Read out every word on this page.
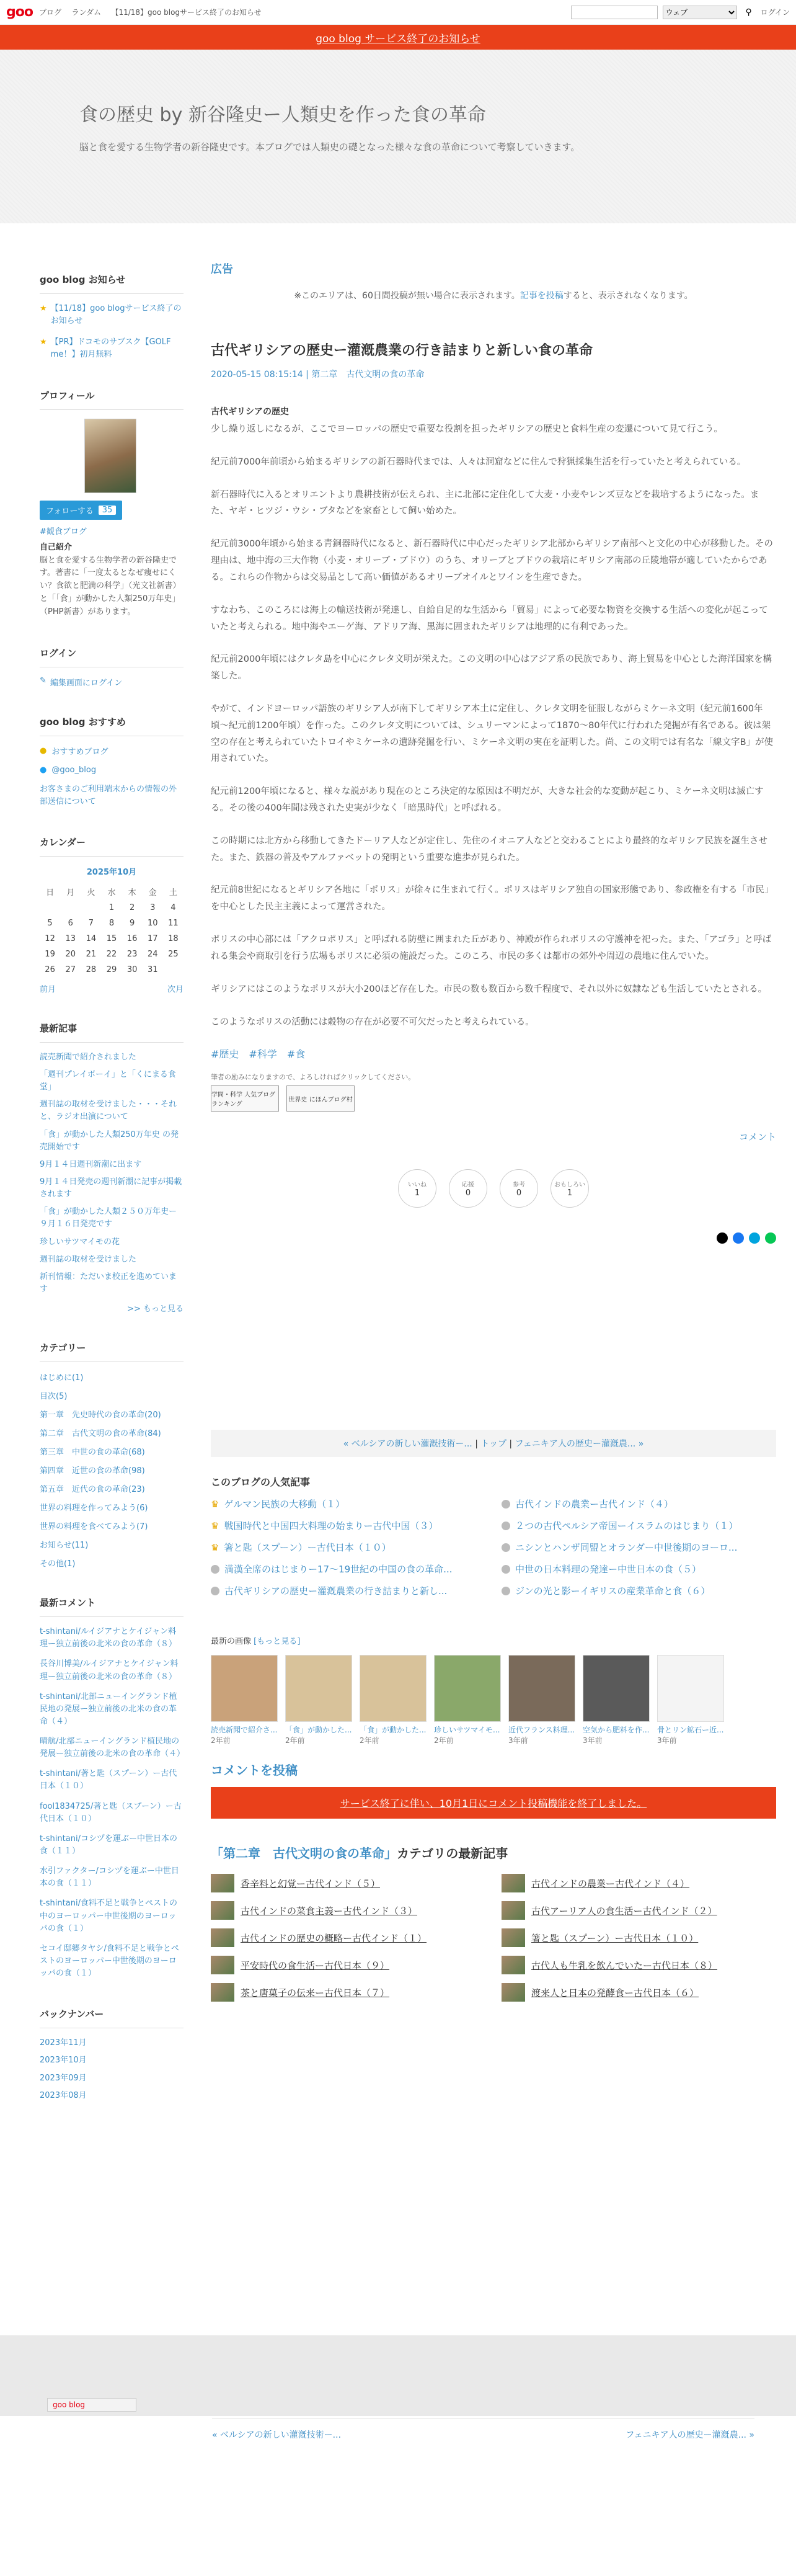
goo ブログ ランダム 【11/18】goo blogサービス終了のお知らせ
ウェブ	⚲	ログイン
goo blog サービス終了のお知らせ
食の歴史 by 新谷隆史ー人類史を作った食の革命

脳と食を愛する生物学者の新谷隆史です。本ブログでは人類史の礎となった様々な食の革命について考察していきます。

goo blog お知らせ
★ 【11/18】goo blogサービス終了のお知らせ
★ 【PR】ドコモのサブスク【GOLF me！】初月無料
プロフィール
フォローする	35
#観食ブログ
自己紹介
脳と食を愛する生物学者の新谷隆史です。著書に「一度太るとなぜ痩せにくい？食欲と肥満の科学」（光文社新書）と「「食」が動かした人類250万年史」（PHP新書）があります。
ログイン
✎ 編集画面にログイン
goo blog おすすめ
● おすすめブログ
● @goo_blog
お客さまのご利用端末からの情報の外部送信について
カレンダー
2025年10月
日	月	火	水	木	金	土
			1	2	3	4
5	6	7	8	9	10	11
12	13	14	15	16	17	18
19	20	21	22	23	24	25
26	27	28	29	30	31	
前月	次月
最新記事
読売新聞で紹介されました
「週刊プレイボーイ」と「くにまる食堂」
週刊誌の取材を受けました・・・それと、ラジオ出演について
「食」が動かした人類250万年史 の発売開始です
9月１４日週刊新潮に出ます
9月１４日発売の週刊新潮に記事が掲載されます
「食」が動かした人類２５０万年史ー９月１６日発売です
珍しいサツマイモの花
週刊誌の取材を受けました
新刊情報：ただいま校正を進めています
>> もっと見る
カテゴリー
はじめに(1)
目次(5)
第一章　先史時代の食の革命(20)
第二章　古代文明の食の革命(84)
第三章　中世の食の革命(68)
第四章　近世の食の革命(98)
第五章　近代の食の革命(23)
世界の料理を作ってみよう(6)
世界の料理を食べてみよう(7)
お知らせ(11)
その他(1)
最新コメント
t-shintani/ルイジアナとケイジャン料理ー独立前後の北米の食の革命（８）
長谷川博美/ルイジアナとケイジャン料理ー独立前後の北米の食の革命（８）
t-shintani/北部ニューイングランド植民地の発展ー独立前後の北米の食の革命（４）
晴航/北部ニューイングランド植民地の発展ー独立前後の北米の食の革命（４）
t-shintani/著と匙（スプーン）ー古代日本（１０）
fool1834725/著と匙（スプーン）ー古代日本（１０）
t-shintani/コシヅを運ぶー中世日本の食（１１）
水引ファクター/コシヅを運ぶー中世日本の食（１１）
t-shintani/食料不足と戦争とペストの中のヨーロッパー中世後期のヨーロッパの食（１）
セコイ邸郷タヤシ/食料不足と戦争とペストのヨーロッパー中世後期のヨーロッパの食（１）
バックナンバー
2023年11月
2023年10月
2023年09月
2023年08月
広告
※このエリアは、60日間投稿が無い場合に表示されます。記事を投稿すると、表示されなくなります。
古代ギリシアの歴史ー灌漑農業の行き詰まりと新しい食の革命
2020-05-15 08:15:14 | 第二章　古代文明の食の革命
古代ギリシアの歴史

少し繰り返しになるが、ここでヨーロッパの歴史で重要な役割を担ったギリシアの歴史と食料生産の変遷について見て行こう。

紀元前7000年前頃から始まるギリシアの新石器時代までは、人々は洞窟などに住んで狩猟採集生活を行っていたと考えられている。

新石器時代に入るとオリエントより農耕技術が伝えられ、主に北部に定住化して大麦・小麦やレンズ豆などを栽培するようになった。また、ヤギ・ヒツジ・ウシ・ブタなどを家畜として飼い始めた。

紀元前3000年頃から始まる青銅器時代になると、新石器時代に中心だったギリシア北部からギリシア南部へと文化の中心が移動した。その理由は、地中海の三大作物（小麦・オリーブ・ブドウ）のうち、オリーブとブドウの栽培にギリシア南部の丘陵地帯が適していたからである。これらの作物からは交易品として高い価値があるオリーブオイルとワインを生産できた。

すなわち、このころには海上の輸送技術が発達し、自給自足的な生活から「貿易」によって必要な物資を交換する生活への変化が起こっていたと考えられる。地中海やエーゲ海、アドリア海、黒海に囲まれたギリシアは地理的に有利であった。

紀元前2000年頃にはクレタ島を中心にクレタ文明が栄えた。この文明の中心はアジア系の民族であり、海上貿易を中心とした海洋国家を構築した。

やがて、インドヨーロッパ語族のギリシア人が南下してギリシア本土に定住し、クレタ文明を征服しながらミケーネ文明（紀元前1600年頃〜紀元前1200年頃）を作った。このクレタ文明については、シュリーマンによって1870〜80年代に行われた発掘が有名である。彼は架空の存在と考えられていたトロイやミケーネの遺跡発掘を行い、ミケーネ文明の実在を証明した。尚、この文明では有名な「線文字B」が使用されていた。

紀元前1200年頃になると、様々な説があり現在のところ決定的な原因は不明だが、大きな社会的な変動が起こり、ミケーネ文明は滅亡する。その後の400年間は残された史実が少なく「暗黒時代」と呼ばれる。

この時期には北方から移動してきたドーリア人などが定住し、先住のイオニア人などと交わることにより最終的なギリシア民族を誕生させた。また、鉄器の普及やアルファベットの発明という重要な進歩が見られた。

紀元前8世紀になるとギリシア各地に「ポリス」が徐々に生まれて行く。ポリスはギリシア独自の国家形態であり、参政権を有する「市民」を中心とした民主主義によって運営された。

ポリスの中心部には「アクロポリス」と呼ばれる防壁に囲まれた丘があり、神殿が作られポリスの守護神を祀った。また、「アゴラ」と呼ばれる集会や商取引を行う広場もポリスに必須の施設だった。このころ、市民の多くは都市の郊外や周辺の農地に住んでいた。

ギリシアにはこのようなポリスが大小200ほど存在した。市民の数も数百から数千程度で、それ以外に奴隷なども生活していたとされる。

このようなポリスの活動には穀物の存在が必要不可欠だったと考えられている。

#歴史 #科学 #食
筆者の励みになりますので、よろしければクリックしてください。
学問・科学 人気ブログランキング
世界史 にほんブログ村
コメント
いいね
1
応援
0
参考
0
おもしろい
1
« ベルシアの新しい灌漑技術ー... | トップ | フェニキア人の歴史ー灌漑農... »
このブログの人気記事
♛ ゲルマン民族の大移動（１）	古代インドの農業ー古代インド（４）
♛ 戦国時代と中国四大料理の始まりー古代中国（３）	２つの古代ペルシア帝国ーイスラムのはじまり（１）
♛ 箸と匙（スプーン）ー古代日本（１０）	ニシンとハンザ同盟とオランダー中世後期のヨーロ...
満漢全席のはじまりー17〜19世紀の中国の食の革命...	中世の日本料理の発達ー中世日本の食（５）
古代ギリシアの歴史ー灌漑農業の行き詰まりと新し...	ジンの光と影ーイギリスの産業革命と食（６）
最新の画像 [もっと見る]
読売新聞で紹介さ...
2年前
「食」が動かした...
2年前
「食」が動かした...
2年前
珍しいサツマイモ...
2年前
近代フランス料理...
3年前
空気から肥料を作...
3年前
骨とリン鉱石ー近...
3年前
コメントを投稿
サービス終了に伴い、10月1日にコメント投稿機能を終了しました。
「第二章　古代文明の食の革命」カテゴリの最新記事
香辛料と幻覚ー古代インド（５）	古代インドの農業ー古代インド（４）
古代インドの菜食主義ー古代インド（３）	古代アーリア人の食生活ー古代インド（２）
古代インドの歴史の概略ー古代インド（１）	箸と匙（スプーン）ー古代日本（１０）
平安時代の食生活ー古代日本（９）	古代人も牛乳を飲んでいたー古代日本（８）
茶と唐菓子の伝来ー古代日本（７）	渡来人と日本の発酵食ー古代日本（６）
goo blog
« ベルシアの新しい灌漑技術ー...	フェニキア人の歴史ー灌漑農... »
